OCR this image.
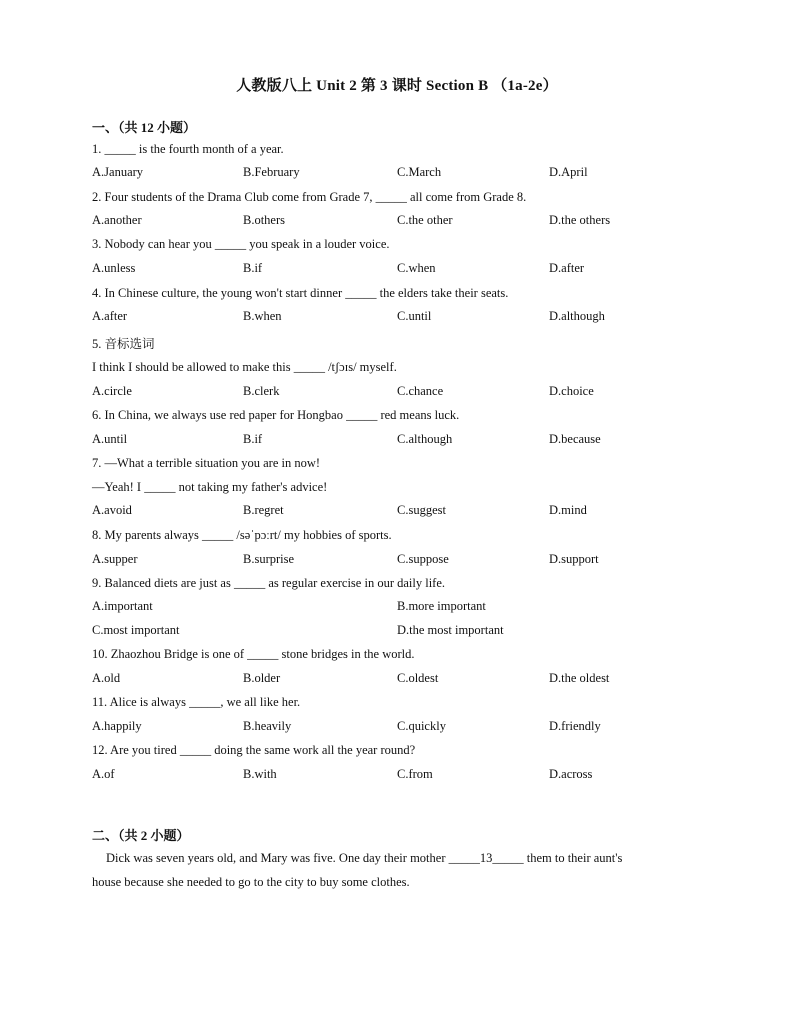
人教版八上 Unit 2 第 3 课时 Section B （1a-2e）
一、（共 12 小题）
1. _____ is the fourth month of a year.
A.January	B.February	C.March	D.April
2. Four students of the Drama Club come from Grade 7, _____ all come from Grade 8.
A.another	B.others	C.the other	D.the others
3. Nobody can hear you _____ you speak in a louder voice.
A.unless	B.if	C.when	D.after
4. In Chinese culture, the young won't start dinner _____ the elders take their seats.
A.after	B.when	C.until	D.although
5. 音标选词
I think I should be allowed to make this _____ /tʃɔɪs/ myself.
A.circle	B.clerk	C.chance	D.choice
6. In China, we always use red paper for Hongbao _____ red means luck.
A.until	B.if	C.although	D.because
7. —What a terrible situation you are in now!
—Yeah! I _____ not taking my father's advice!
A.avoid	B.regret	C.suggest	D.mind
8. My parents always _____ /səˈpɔːrt/ my hobbies of sports.
A.supper	B.surprise	C.suppose	D.support
9. Balanced diets are just as _____ as regular exercise in our daily life.
A.important	B.more important
C.most important	D.the most important
10. Zhaozhou Bridge is one of _____ stone bridges in the world.
A.old	B.older	C.oldest	D.the oldest
11. Alice is always _____, we all like her.
A.happily	B.heavily	C.quickly	D.friendly
12. Are you tired _____ doing the same work all the year round?
A.of	B.with	C.from	D.across
二、（共 2 小题）
Dick was seven years old, and Mary was five. One day their mother _____13_____ them to their aunt's
house because she needed to go to the city to buy some clothes.
